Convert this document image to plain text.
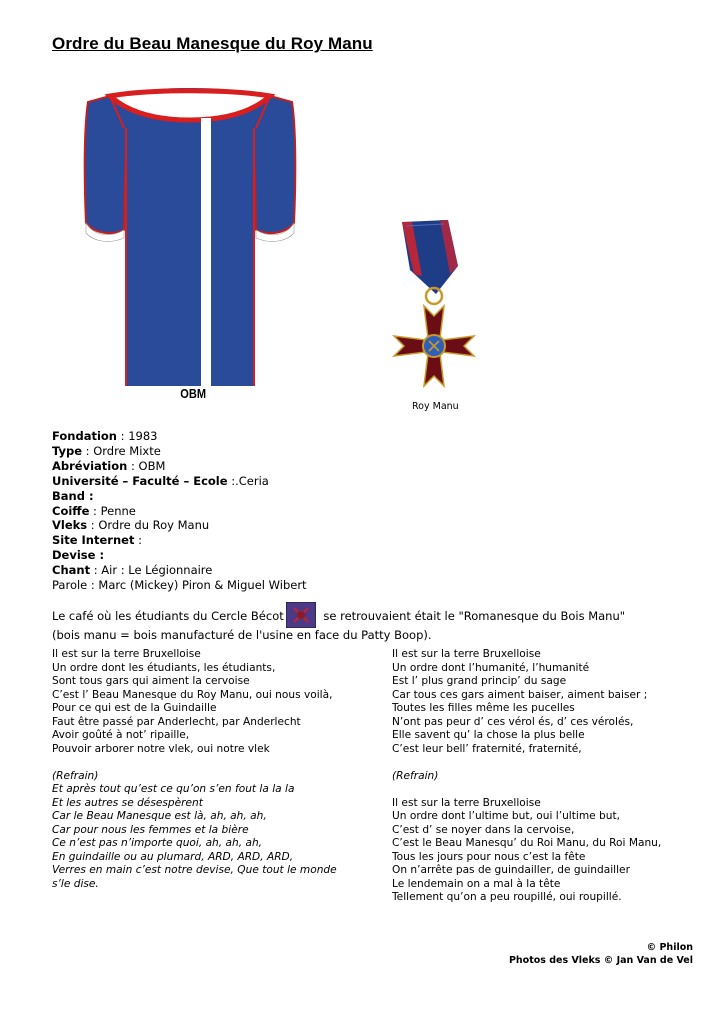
Ordre du Beau Manesque du Roy Manu
OBM
Roy Manu
Fondation : 1983
Type : Ordre Mixte
Abréviation : OBM
Université – Faculté – Ecole :.Ceria
Band :
Coiffe : Penne
Vleks : Ordre du Roy Manu
Site Internet :
Devise :
Chant : Air : Le Légionnaire
Parole : Marc (Mickey) Piron & Miguel Wibert
Le café où les étudiants du Cercle Bécot	se retrouvaient était le "Romanesque du Bois Manu"
(bois manu = bois manufacturé de l'usine en face du Patty Boop).
Il est sur la terre Bruxelloise
Un ordre dont les étudiants, les étudiants,
Sont tous gars qui aiment la cervoise
C’est l’ Beau Manesque du Roy Manu, oui nous voilà,
Pour ce qui est de la Guindaille
Faut être passé par Anderlecht, par Anderlecht
Avoir goûté à not’ ripaille,
Pouvoir arborer notre vlek, oui notre vlek
(Refrain)
Et après tout qu’est ce qu’on s’en fout la la la
Et les autres se désespèrent
Car le Beau Manesque est là, ah, ah, ah,
Car pour nous les femmes et la bière
Ce n’est pas n’importe quoi, ah, ah, ah,
En guindaille ou au plumard, ARD, ARD, ARD,
Verres en main c’est notre devise, Que tout le monde
s’le dise.
Il est sur la terre Bruxelloise
Un ordre dont l’humanité, l’humanité
Est l’ plus grand princip’ du sage
Car tous ces gars aiment baiser, aiment baiser ;
Toutes les filles même les pucelles
N’ont pas peur d’ ces vérol és, d’ ces vérolés,
Elle savent qu’ la chose la plus belle
C’est leur bell’ fraternité, fraternité,
(Refrain)
Il est sur la terre Bruxelloise
Un ordre dont l’ultime but, oui l’ultime but,
C’est d’ se noyer dans la cervoise,
C’est le Beau Manesqu’ du Roi Manu, du Roi Manu,
Tous les jours pour nous c’est la fête
On n’arrête pas de guindailler, de guindailler
Le lendemain on a mal à la tête
Tellement qu’on a peu roupillé, oui roupillé.
© Philon
Photos des Vleks © Jan Van de Vel
